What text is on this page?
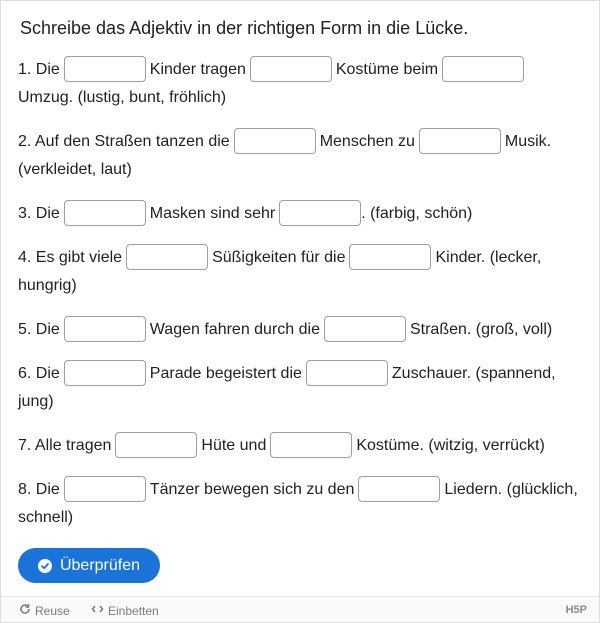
Schreibe das Adjektiv in der richtigen Form in die Lücke.
1. Die	Kinder tragen	Kostüme beim
Umzug. (lustig, bunt, fröhlich)
2. Auf den Straßen tanzen die	Menschen zu	Musik. (verkleidet, laut)
3. Die	Masken sind sehr	. (farbig, schön)
4. Es gibt viele	Süßigkeiten für die	Kinder. (lecker, hungrig)
5. Die	Wagen fahren durch die	Straßen. (groß, voll)
6. Die	Parade begeistert die	Zuschauer. (spannend, jung)
7. Alle tragen	Hüte und	Kostüme. (witzig, verrückt)
8. Die	Tänzer bewegen sich zu den	Liedern. (glücklich, schnell)
Überprüfen
Reuse	Einbetten	H5P
